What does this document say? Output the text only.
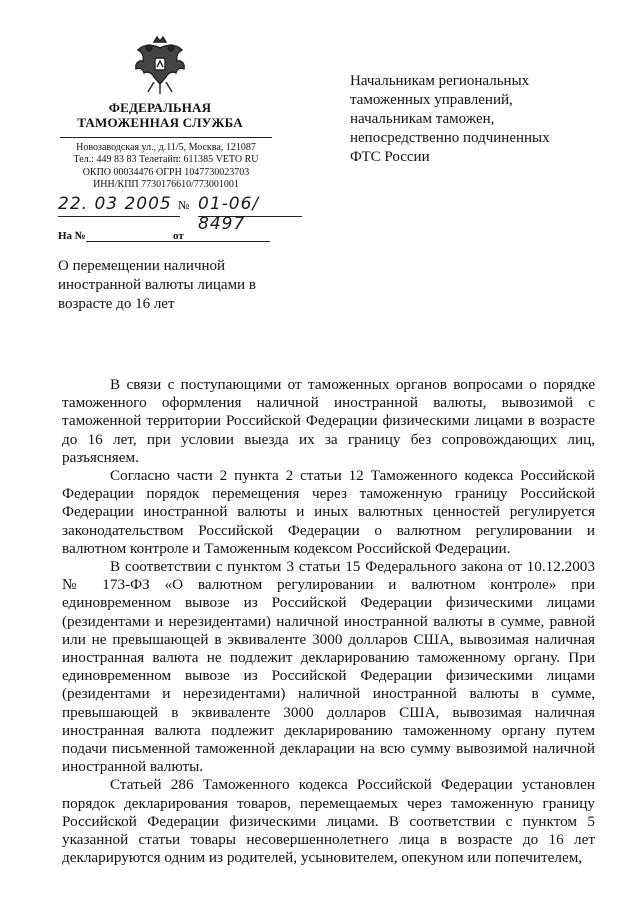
ФЕДЕРАЛЬНАЯ
ТАМОЖЕННАЯ СЛУЖБА
Новозаводская ул., д.11/5, Москва, 121087
Тел.: 449 83 83 Телетайп: 611385 VETO RU
ОКПО 00034476 ОГРН 1047730023703
ИНН/КПП 7730176610/773001001
22. 03 2005 № 01-06/ 8497
На №	от
О перемещении наличной
иностранной валюты лицами в
возрасте до 16 лет
Начальникам региональных
таможенных управлений,
начальникам таможен,
непосредственно подчиненных
ФТС России

В связи с поступающими от таможенных органов вопросами о порядке таможенного оформления наличной иностранной валюты, вывозимой с таможенной территории Российской Федерации физическими лицами в возрасте до 16 лет, при условии выезда их за границу без сопровождающих лиц, разъясняем.

Согласно части 2 пункта 2 статьи 12 Таможенного кодекса Российской Федерации порядок перемещения через таможенную границу Российской Федерации иностранной валюты и иных валютных ценностей регулируется законодательством Российской Федерации о валютном регулировании и валютном контроле и Таможенным кодексом Российской Федерации.

В соответствии с пунктом 3 статьи 15 Федерального закона от 10.12.2003 № 173-ФЗ «О валютном регулировании и валютном контроле» при единовременном вывозе из Российской Федерации физическими лицами (резидентами и нерезидентами) наличной иностранной валюты в сумме, равной или не превышающей в эквиваленте 3000 долларов США, вывозимая наличная иностранная валюта не подлежит декларированию таможенному органу. При единовременном вывозе из Российской Федерации физическими лицами (резидентами и нерезидентами) наличной иностранной валюты в сумме, превышающей в эквиваленте 3000 долларов США, вывозимая наличная иностранная валюта подлежит декларированию таможенному органу путем подачи письменной таможенной декларации на всю сумму вывозимой наличной иностранной валюты.

Статьей 286 Таможенного кодекса Российской Федерации установлен порядок декларирования товаров, перемещаемых через таможенную границу Российской Федерации физическими лицами. В соответствии с пунктом 5 указанной статьи товары несовершеннолетнего лица в возрасте до 16 лет декларируются одним из родителей, усыновителем, опекуном или попечителем,
